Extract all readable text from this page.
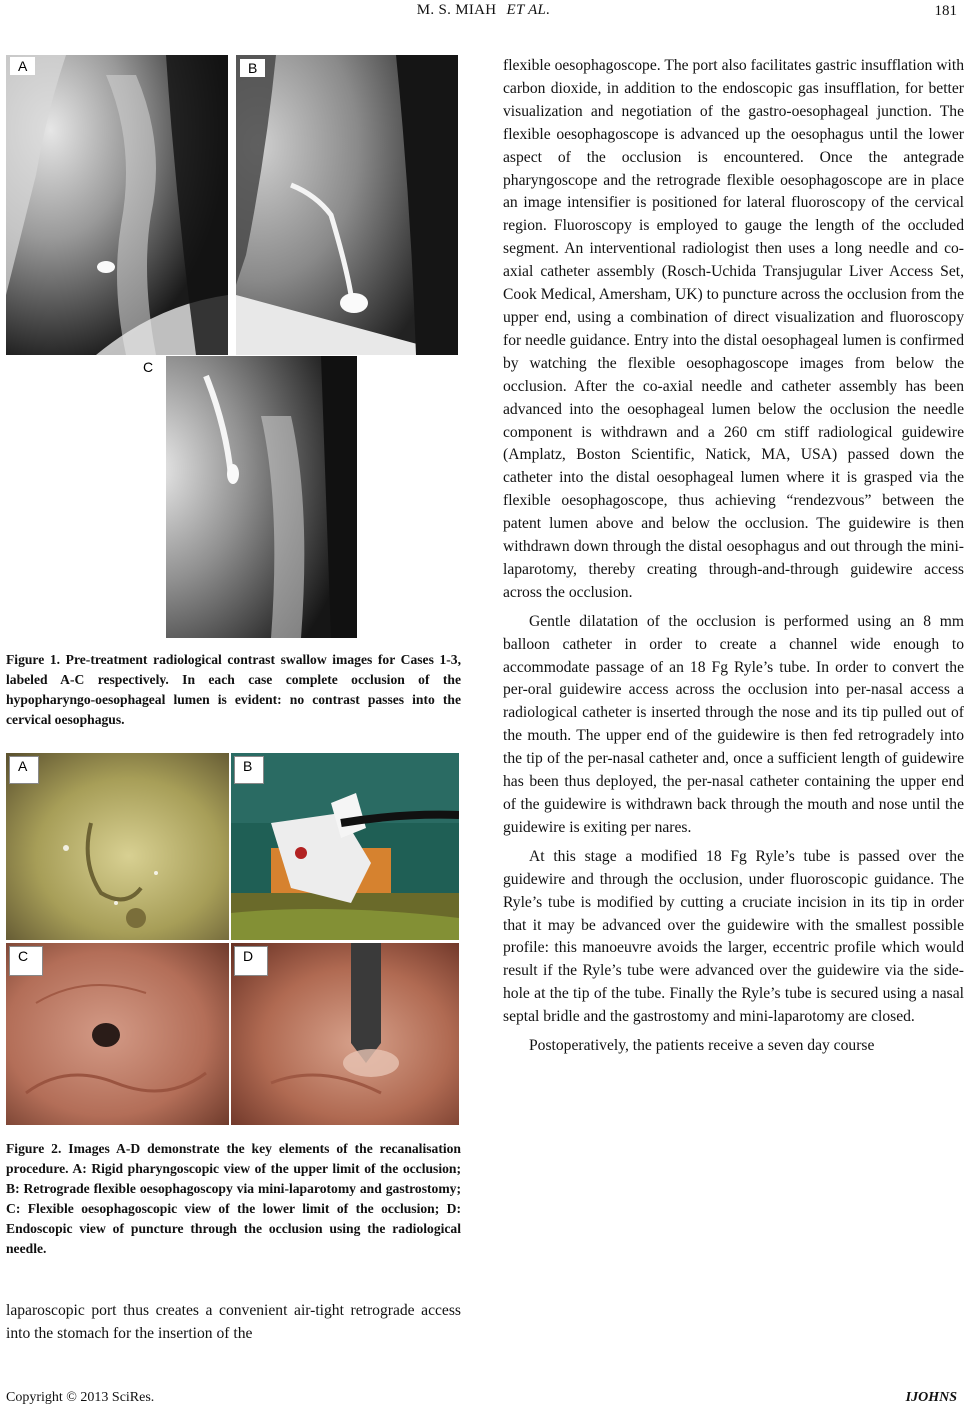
M. S. MIAH ET AL.	181
A	B
C
Figure 1. Pre-treatment radiological contrast swallow images for Cases 1-3, labeled A-C respectively. In each case complete occlusion of the hypopharyngo-oesophageal lumen is evident: no contrast passes into the cervical oesophagus.
A	B
C	D
Figure 2. Images A-D demonstrate the key elements of the recanalisation procedure. A: Rigid pharyngoscopic view of the upper limit of the occlusion; B: Retrograde flexible oesophagoscopy via mini-laparotomy and gastrostomy; C: Flexible oesophagoscopic view of the lower limit of the occlusion; D: Endoscopic view of puncture through the occlusion using the radiological needle.

laparoscopic port thus creates a convenient air-tight retrograde access into the stomach for the insertion of the

flexible oesophagoscope. The port also facilitates gastric insufflation with carbon dioxide, in addition to the endoscopic gas insufflation, for better visualization and negotiation of the gastro-oesophageal junction. The flexible oesophagoscope is advanced up the oesophagus until the lower aspect of the occlusion is encountered. Once the antegrade pharyngoscope and the retrograde flexible oesophagoscope are in place an image intensifier is positioned for lateral fluoroscopy of the cervical region. Fluoroscopy is employed to gauge the length of the occluded segment. An interventional radiologist then uses a long needle and co-axial catheter assembly (Rosch-Uchida Transjugular Liver Access Set, Cook Medical, Amersham, UK) to puncture across the occlusion from the upper end, using a combination of direct visualization and fluoroscopy for needle guidance. Entry into the distal oesophageal lumen is confirmed by watching the flexible oesophagoscope images from below the occlusion. After the co-axial needle and catheter assembly has been advanced into the oesophageal lumen below the occlusion the needle component is withdrawn and a 260 cm stiff radiological guidewire (Amplatz, Boston Scientific, Natick, MA, USA) passed down the catheter into the distal oesophageal lumen where it is grasped via the flexible oesophagoscope, thus achieving “rendezvous” between the patent lumen above and below the occlusion. The guidewire is then withdrawn down through the distal oesophagus and out through the mini-laparotomy, thereby creating through-and-through guidewire access across the occlusion.

Gentle dilatation of the occlusion is performed using an 8 mm balloon catheter in order to create a channel wide enough to accommodate passage of an 18 Fg Ryle’s tube. In order to convert the per-oral guidewire access across the occlusion into per-nasal access a radiological catheter is inserted through the nose and its tip pulled out of the mouth. The upper end of the guidewire is then fed retrogradely into the tip of the per-nasal catheter and, once a sufficient length of guidewire has been thus deployed, the per-nasal catheter containing the upper end of the guidewire is withdrawn back through the mouth and nose until the guidewire is exiting per nares.

At this stage a modified 18 Fg Ryle’s tube is passed over the guidewire and through the occlusion, under fluoroscopic guidance. The Ryle’s tube is modified by cutting a cruciate incision in its tip in order that it may be advanced over the guidewire with the smallest possible profile: this manoeuvre avoids the larger, eccentric profile which would result if the Ryle’s tube were advanced over the guidewire via the side-hole at the tip of the tube. Finally the Ryle’s tube is secured using a nasal septal bridle and the gastrostomy and mini-laparotomy are closed.

Postoperatively, the patients receive a seven day course

Copyright © 2013 SciRes.	IJOHNS
